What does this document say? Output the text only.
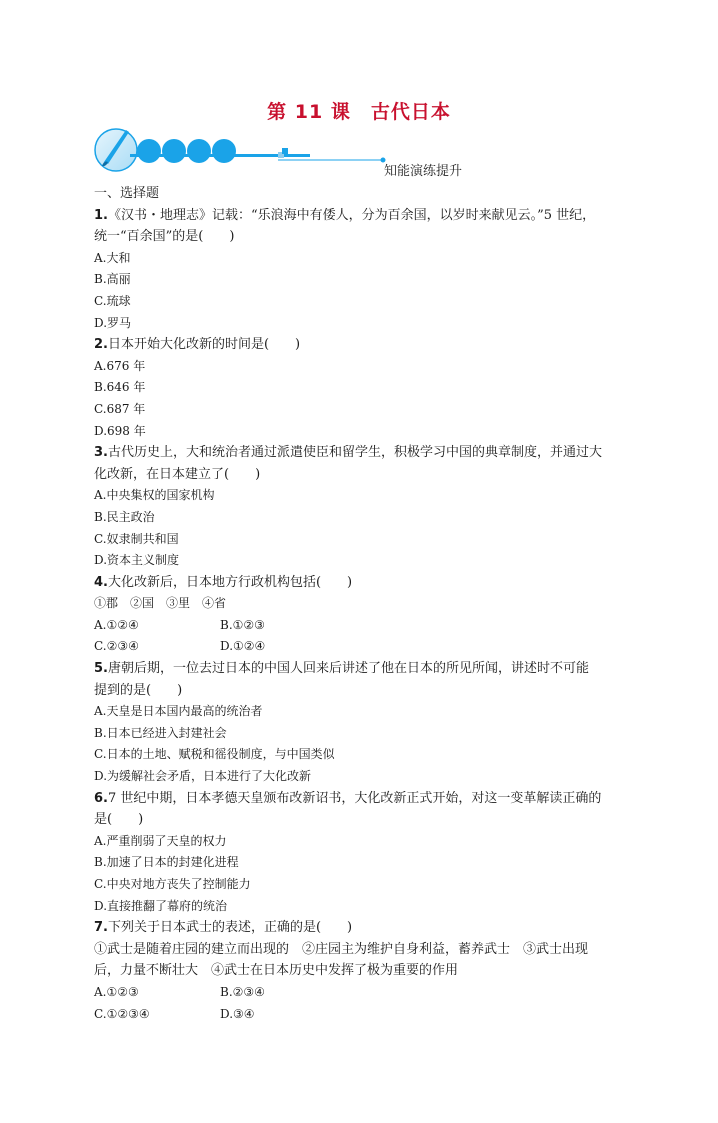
第 11 课　古代日本
知能演练提升
一、选择题
1.《汉书・地理志》记载：“乐浪海中有倭人，分为百余国，以岁时来献见云。”5 世纪，
统一“百余国”的是(　　)
A.大和
B.高丽
C.琉球
D.罗马
2.日本开始大化改新的时间是(　　)
A.676 年
B.646 年
C.687 年
D.698 年
3.古代历史上，大和统治者通过派遣使臣和留学生，积极学习中国的典章制度，并通过大
化改新，在日本建立了(　　)
A.中央集权的国家机构
B.民主政治
C.奴隶制共和国
D.资本主义制度
4.大化改新后，日本地方行政机构包括(　　)
①郡　②国　③里　④省
A.①②④	B.①②③
C.②③④	D.①②④
5.唐朝后期，一位去过日本的中国人回来后讲述了他在日本的所见所闻，讲述时不可能
提到的是(　　)
A.天皇是日本国内最高的统治者
B.日本已经进入封建社会
C.日本的土地、赋税和徭役制度，与中国类似
D.为缓解社会矛盾，日本进行了大化改新
6.7 世纪中期，日本孝德天皇颁布改新诏书，大化改新正式开始，对这一变革解读正确的
是(　　)
A.严重削弱了天皇的权力
B.加速了日本的封建化进程
C.中央对地方丧失了控制能力
D.直接推翻了幕府的统治
7.下列关于日本武士的表述，正确的是(　　)
①武士是随着庄园的建立而出现的　②庄园主为维护自身利益，蓄养武士　③武士出现
后，力量不断壮大　④武士在日本历史中发挥了极为重要的作用
A.①②③	B.②③④
C.①②③④	D.③④
